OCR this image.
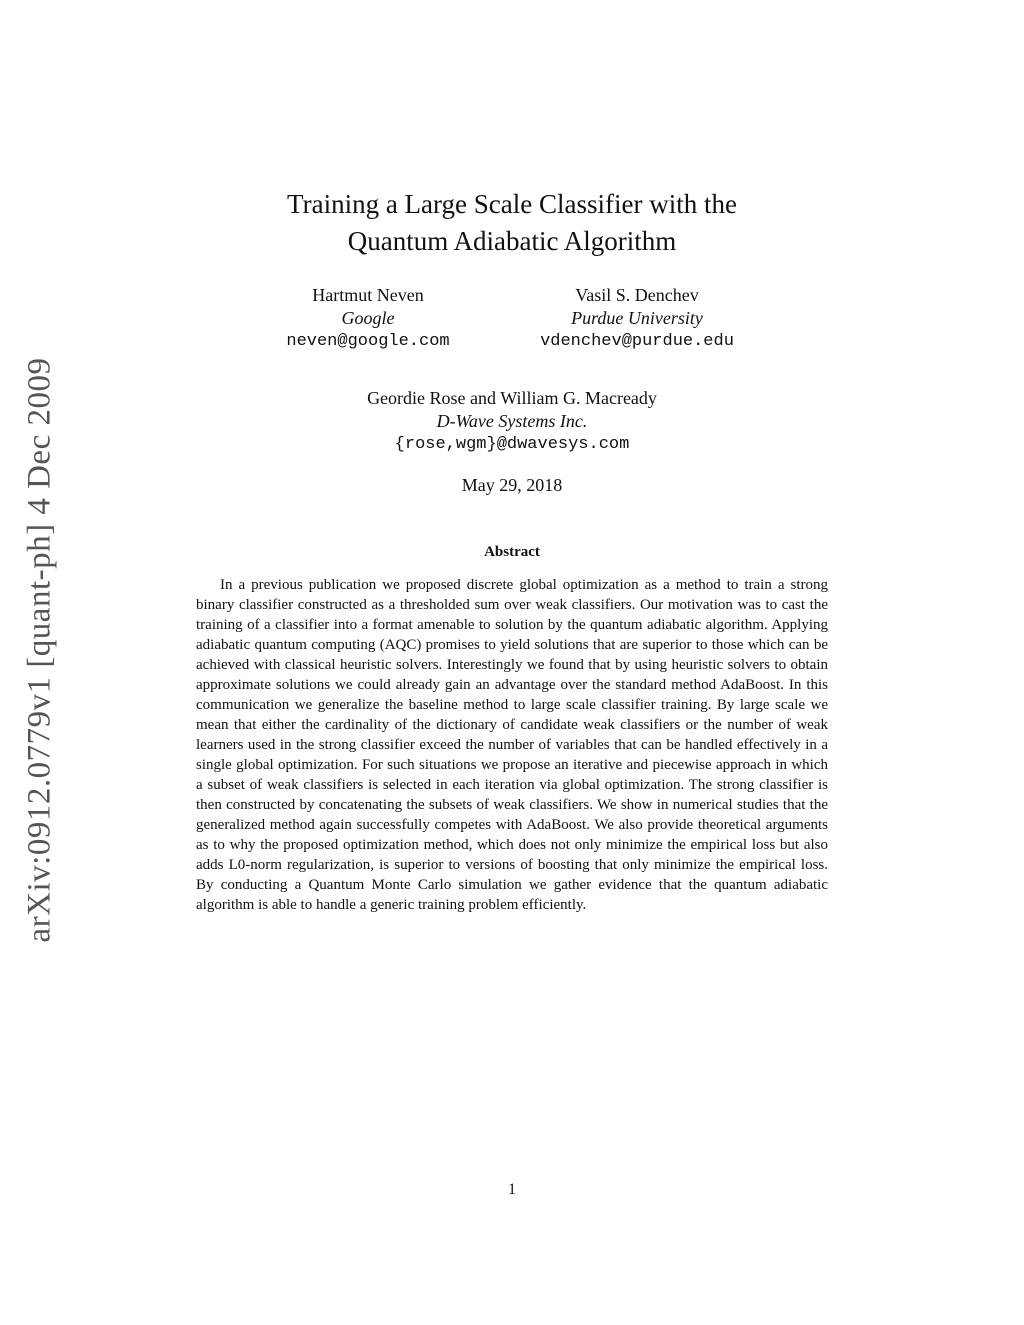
arXiv:0912.0779v1 [quant-ph] 4 Dec 2009
Training a Large Scale Classifier with the
Quantum Adiabatic Algorithm
Hartmut Neven
Google
neven@google.com
Vasil S. Denchev
Purdue University
vdenchev@purdue.edu
Geordie Rose and William G. Macready
D-Wave Systems Inc.
{rose,wgm}@dwavesys.com
May 29, 2018
Abstract

In a previous publication we proposed discrete global optimization as a method to train a strong binary classifier constructed as a thresholded sum over weak classifiers. Our motivation was to cast the training of a classifier into a format amenable to solution by the quantum adiabatic algorithm. Applying adiabatic quantum computing (AQC) promises to yield solutions that are superior to those which can be achieved with classical heuristic solvers. Interestingly we found that by using heuristic solvers to obtain approximate solutions we could already gain an advantage over the standard method AdaBoost. In this communication we generalize the baseline method to large scale classifier training. By large scale we mean that either the cardinality of the dictionary of candidate weak classifiers or the number of weak learners used in the strong classifier exceed the number of variables that can be handled effectively in a single global optimization. For such situations we propose an iterative and piecewise approach in which a subset of weak classifiers is selected in each iteration via global optimization. The strong classifier is then constructed by concatenating the subsets of weak classifiers. We show in numerical studies that the generalized method again successfully competes with AdaBoost. We also provide theoretical arguments as to why the proposed optimization method, which does not only minimize the empirical loss but also adds L0-norm regularization, is superior to versions of boosting that only minimize the empirical loss. By conducting a Quantum Monte Carlo simulation we gather evidence that the quantum adiabatic algorithm is able to handle a generic training problem efficiently.

1
